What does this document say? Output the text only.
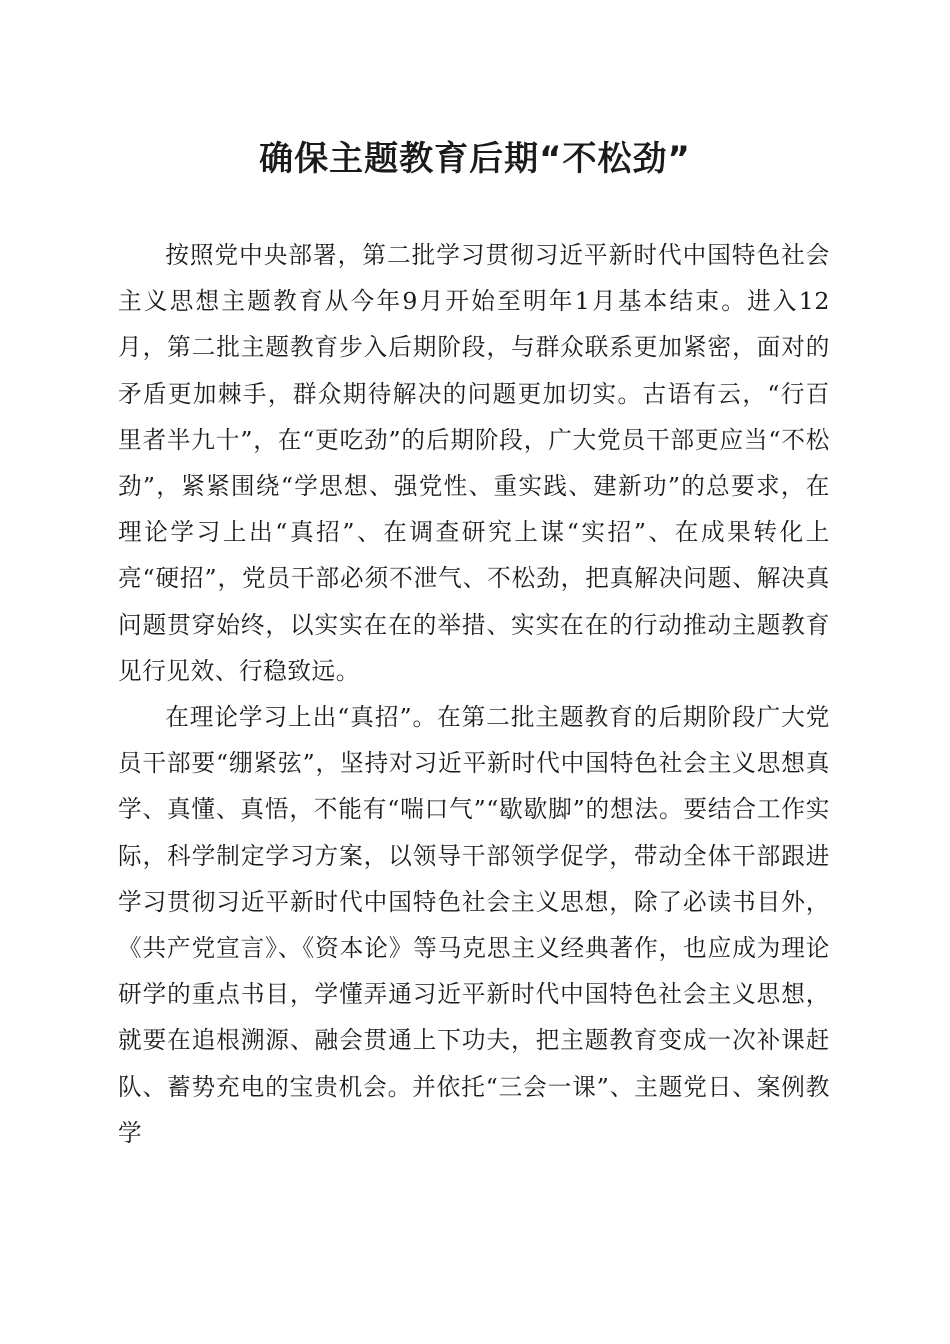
确保主题教育后期“不松劲”

按照党中央部署，第二批学习贯彻习近平新时代中国特色社会主义思想主题教育从今年9月开始至明年1月基本结束。进入12月，第二批主题教育步入后期阶段，与群众联系更加紧密，面对的矛盾更加棘手，群众期待解决的问题更加切实。古语有云，“行百里者半九十”，在“更吃劲”的后期阶段，广大党员干部更应当“不松劲”，紧紧围绕“学思想、强党性、重实践、建新功”的总要求，在理论学习上出“真招”、在调查研究上谋“实招”、在成果转化上亮“硬招”，党员干部必须不泄气、不松劲，把真解决问题、解决真问题贯穿始终，以实实在在的举措、实实在在的行动推动主题教育见行见效、行稳致远。

在理论学习上出“真招”。在第二批主题教育的后期阶段广大党员干部要“绷紧弦”，坚持对习近平新时代中国特色社会主义思想真学、真懂、真悟，不能有“喘口气”“歇歇脚”的想法。要结合工作实际，科学制定学习方案，以领导干部领学促学，带动全体干部跟进学习贯彻习近平新时代中国特色社会主义思想，除了必读书目外，《共产党宣言》、《资本论》等马克思主义经典著作，也应成为理论研学的重点书目，学懂弄通习近平新时代中国特色社会主义思想，就要在追根溯源、融会贯通上下功夫，把主题教育变成一次补课赶队、蓄势充电的宝贵机会。并依托“三会一课”、主题党日、案例教学
